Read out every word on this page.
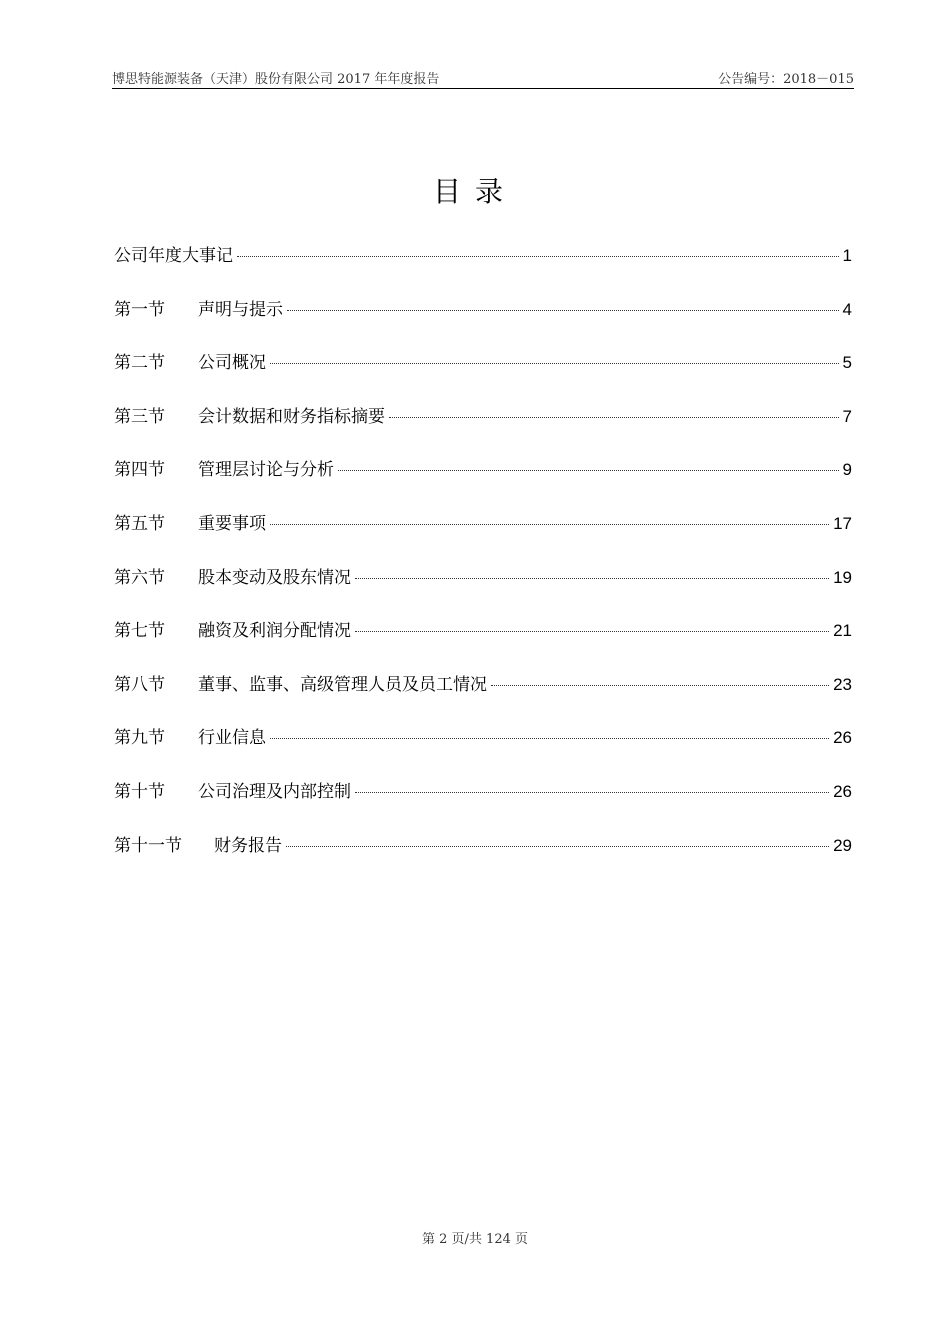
博思特能源装备（天津）股份有限公司 2017 年年度报告	公告编号：2018－015
目录
公司年度大事记	1
第一节	声明与提示	4
第二节	公司概况	5
第三节	会计数据和财务指标摘要	7
第四节	管理层讨论与分析	9
第五节	重要事项	17
第六节	股本变动及股东情况	19
第七节	融资及利润分配情况	21
第八节	董事、监事、高级管理人员及员工情况	23
第九节	行业信息	26
第十节	公司治理及内部控制	26
第十一节	财务报告	29
第 2 页/共 124 页
